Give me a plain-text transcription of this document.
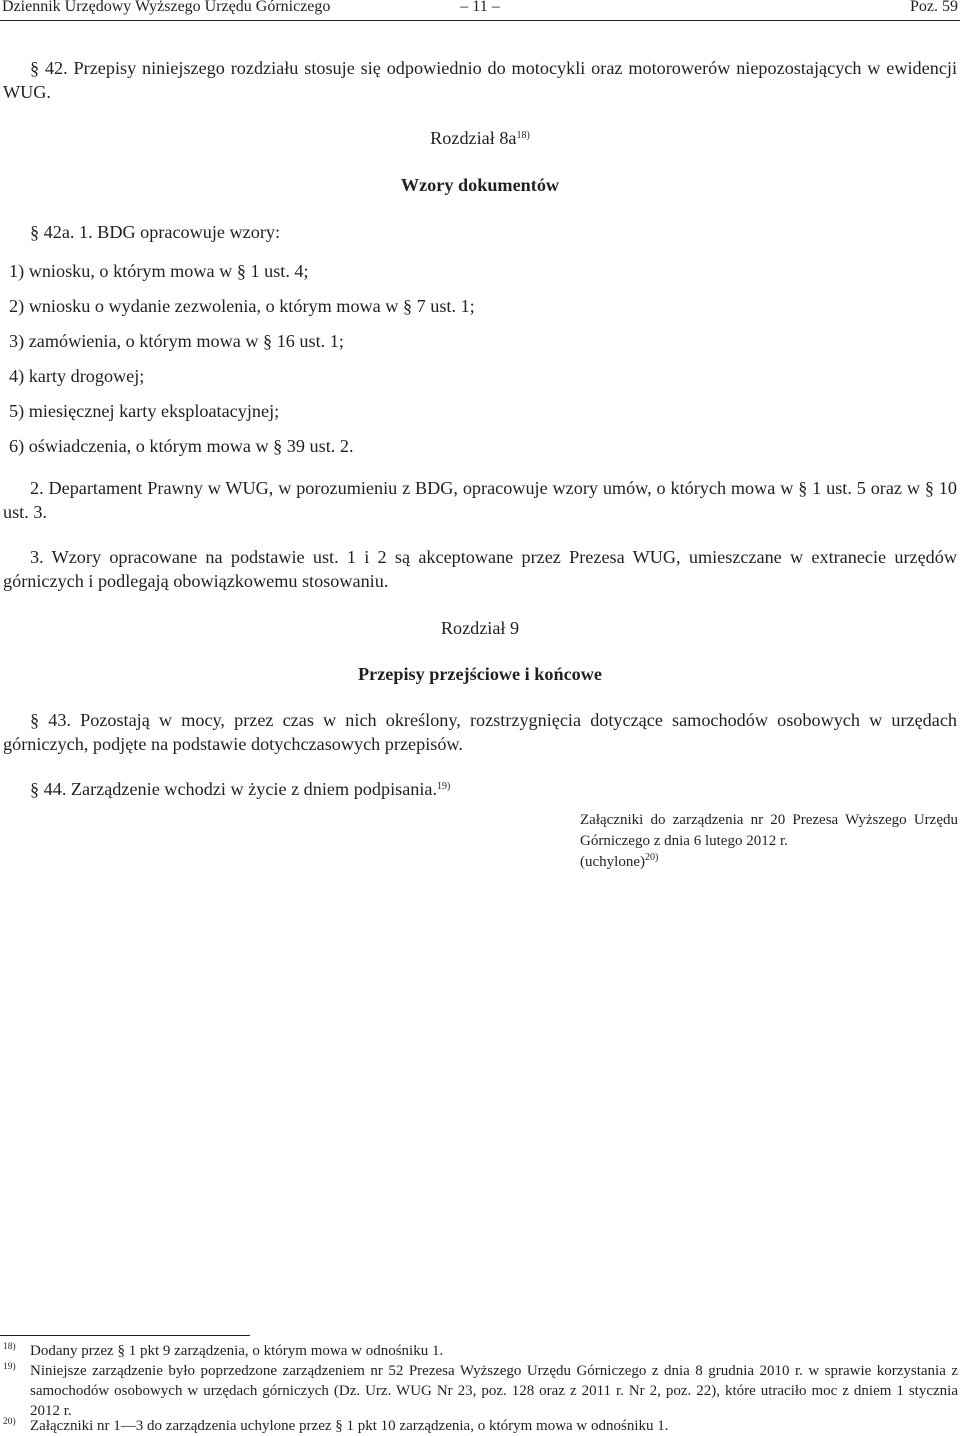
Dziennik Urzędowy Wyższego Urzędu Górniczego	– 11 –	Poz. 59

§ 42. Przepisy niniejszego rozdziału stosuje się odpowiednio do motocykli oraz motorowerów niepozostających w ewidencji WUG.

Rozdział $8a^{18)}$

Wzory dokumentów

§ 42a. 1. BDG opracowuje wzory:

1) wniosku, o którym mowa w § 1 ust. 4;

2) wniosku o wydanie zezwolenia, o którym mowa w § 7 ust. 1;

3) zamówienia, o którym mowa w § 16 ust. 1;

4) karty drogowej;

5) miesięcznej karty eksploatacyjnej;

6) oświadczenia, o którym mowa w § 39 ust. 2.

2. Departament Prawny w WUG, w porozumieniu z BDG, opracowuje wzory umów, o których mowa w § 1 ust. 5 oraz w § 10 ust. 3.

3. Wzory opracowane na podstawie ust. 1 i 2 są akceptowane przez Prezesa WUG, umieszczane w extranecie urzędów górniczych i podlegają obowiązkowemu stosowaniu.

Rozdział 9

Przepisy przejściowe i końcowe

§ 43. Pozostają w mocy, przez czas w nich określony, rozstrzygnięcia dotyczące samochodów osobowych w urzędach górniczych, podjęte na podstawie dotychczasowych przepisów.

§ 44. Zarządzenie wchodzi w życie z dniem podpisania.$^{19)}$

Załączniki do zarządzenia nr 20 Prezesa Wyższego Urzędu Górniczego z dnia 6 lutego 2012 r.

(uchylone)$^{20)}$

18) Dodany przez § 1 pkt 9 zarządzenia, o którym mowa w odnośniku 1.
19) Niniejsze zarządzenie było poprzedzone zarządzeniem nr 52 Prezesa Wyższego Urzędu Górniczego z dnia 8 grudnia 2010 r. w sprawie korzystania z samochodów osobowych w urzędach górniczych (Dz. Urz. WUG Nr 23, poz. 128 oraz z 2011 r. Nr 2, poz. 22), które utraciło moc z dniem 1 stycznia 2012 r.
20) Załączniki nr 1—3 do zarządzenia uchylone przez § 1 pkt 10 zarządzenia, o którym mowa w odnośniku 1.
